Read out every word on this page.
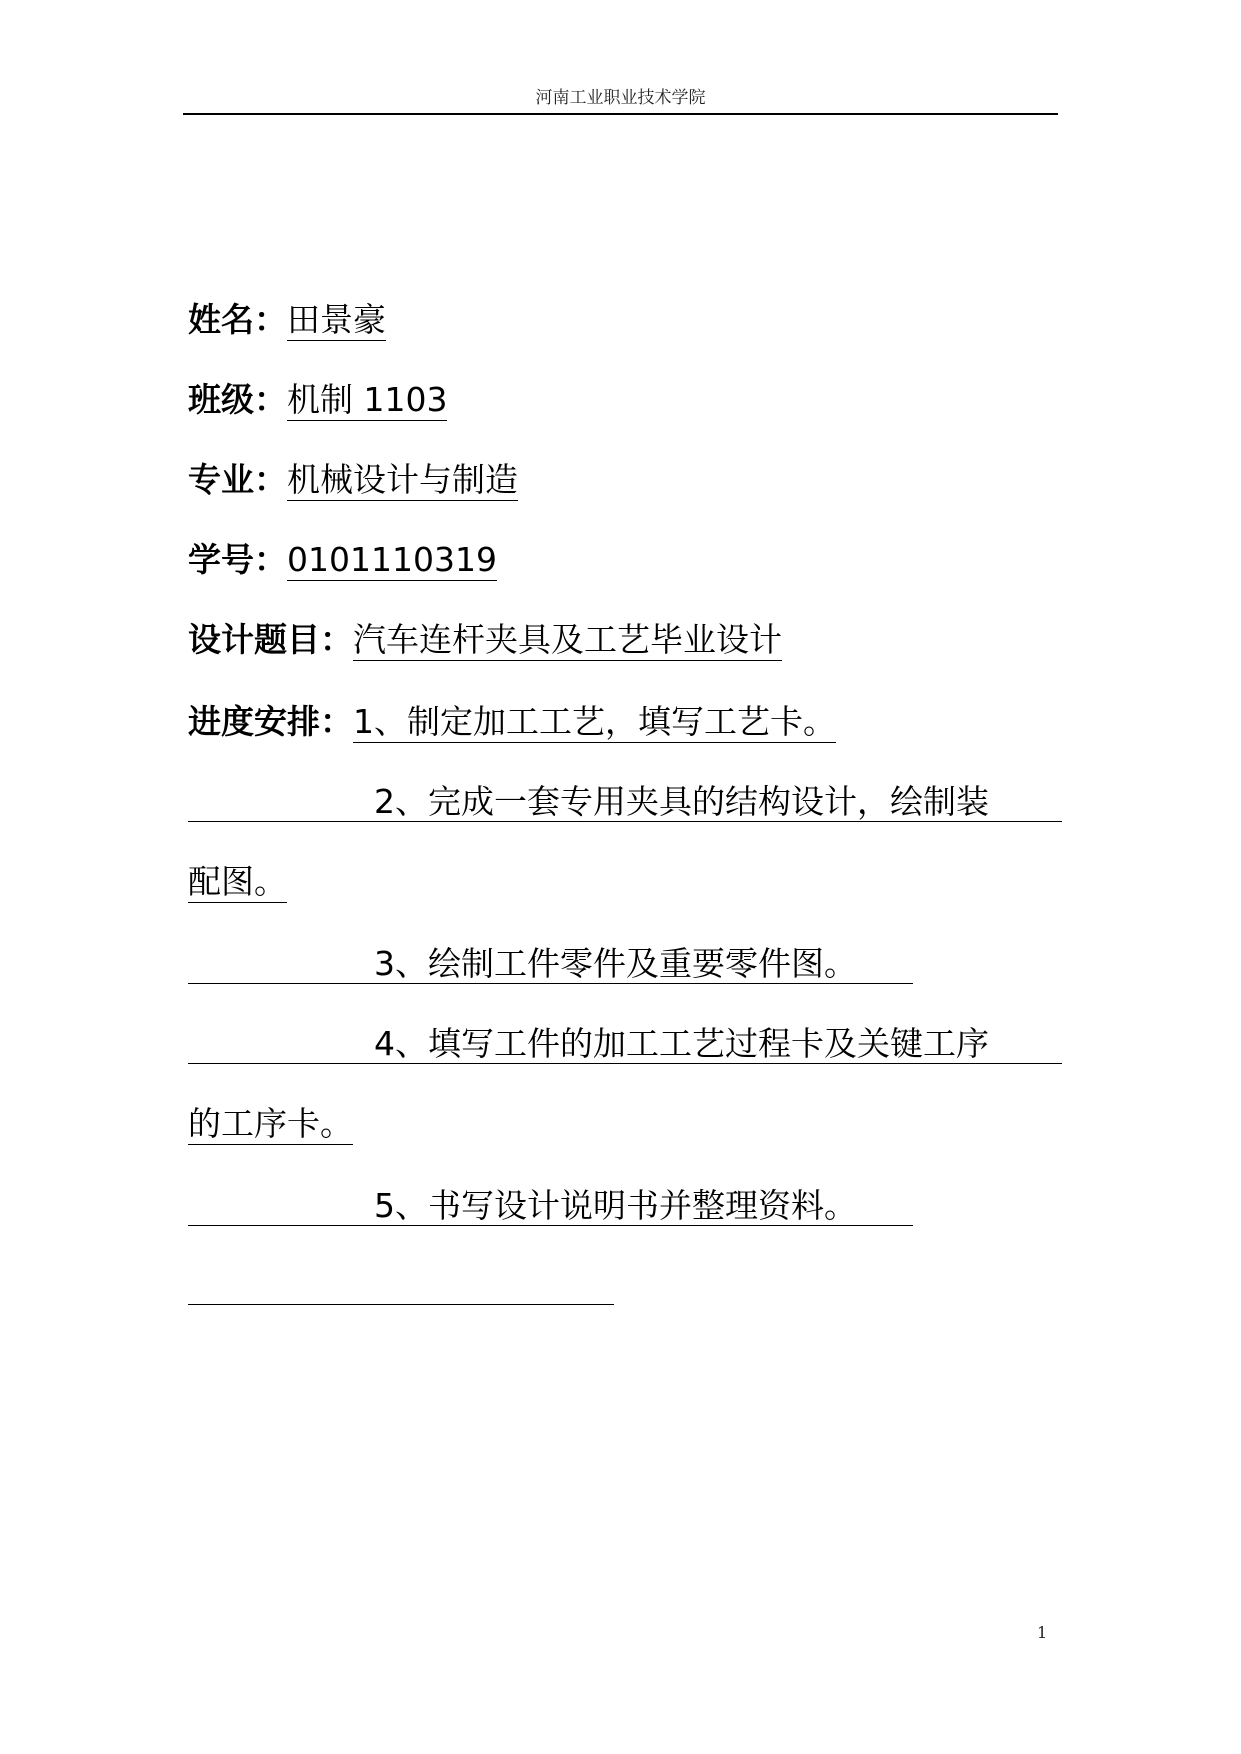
河南工业职业技术学院
姓名：田景豪
班级：机制 1103
专业：机械设计与制造
学号：0101110319
设计题目：汽车连杆夹具及工艺毕业设计
进度安排：1、制定加工工艺，填写工艺卡。
2、完成一套专用夹具的结构设计，绘制装
配图。
3、绘制工件零件及重要零件图。
4、填写工件的加工工艺过程卡及关键工序
的工序卡。
5、书写设计说明书并整理资料。
1
